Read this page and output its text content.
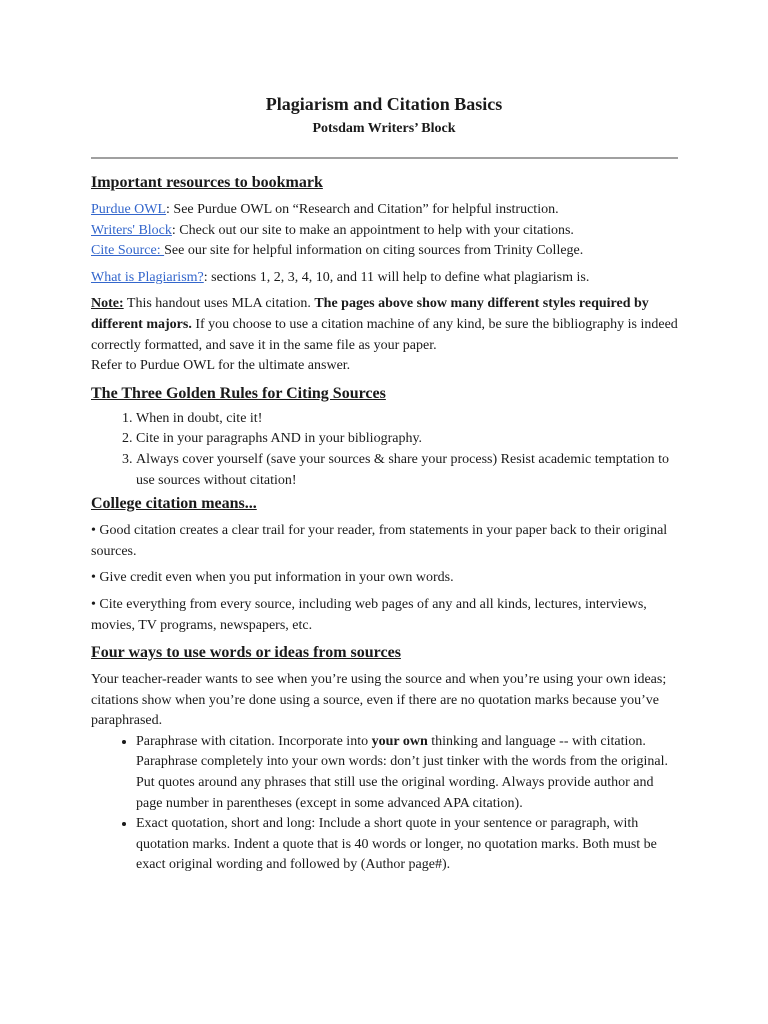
Plagiarism and Citation Basics
Potsdam Writers’ Block
Important resources to bookmark

Purdue OWL: See Purdue OWL on “Research and Citation” for helpful instruction.

Writers' Block: Check out our site to make an appointment to help with your citations.

Cite Source: See our site for helpful information on citing sources from Trinity College.

What is Plagiarism?: sections 1, 2, 3, 4, 10, and 11 will help to define what plagiarism is.

Note: This handout uses MLA citation. The pages above show many different styles required by different majors. If you choose to use a citation machine of any kind, be sure the bibliography is indeed correctly formatted, and save it in the same file as your paper.

Refer to Purdue OWL for the ultimate answer.

The Three Golden Rules for Citing Sources
1. When in doubt, cite it!
2. Cite in your paragraphs AND in your bibliography.
3. Always cover yourself (save your sources & share your process) Resist academic temptation to use sources without citation!
College citation means...

• Good citation creates a clear trail for your reader, from statements in your paper back to their original sources.

• Give credit even when you put information in your own words.

• Cite everything from every source, including web pages of any and all kinds, lectures, interviews, movies, TV programs, newspapers, etc.

Four ways to use words or ideas from sources

Your teacher-reader wants to see when you’re using the source and when you’re using your own ideas; citations show when you’re done using a source, even if there are no quotation marks because you’ve paraphrased.

• Paraphrase with citation. Incorporate into your own thinking and language -- with citation. Paraphrase completely into your own words: don’t just tinker with the words from the original. Put quotes around any phrases that still use the original wording. Always provide author and page number in parentheses (except in some advanced APA citation).
• Exact quotation, short and long: Include a short quote in your sentence or paragraph, with quotation marks. Indent a quote that is 40 words or longer, no quotation marks. Both must be exact original wording and followed by (Author page#).
